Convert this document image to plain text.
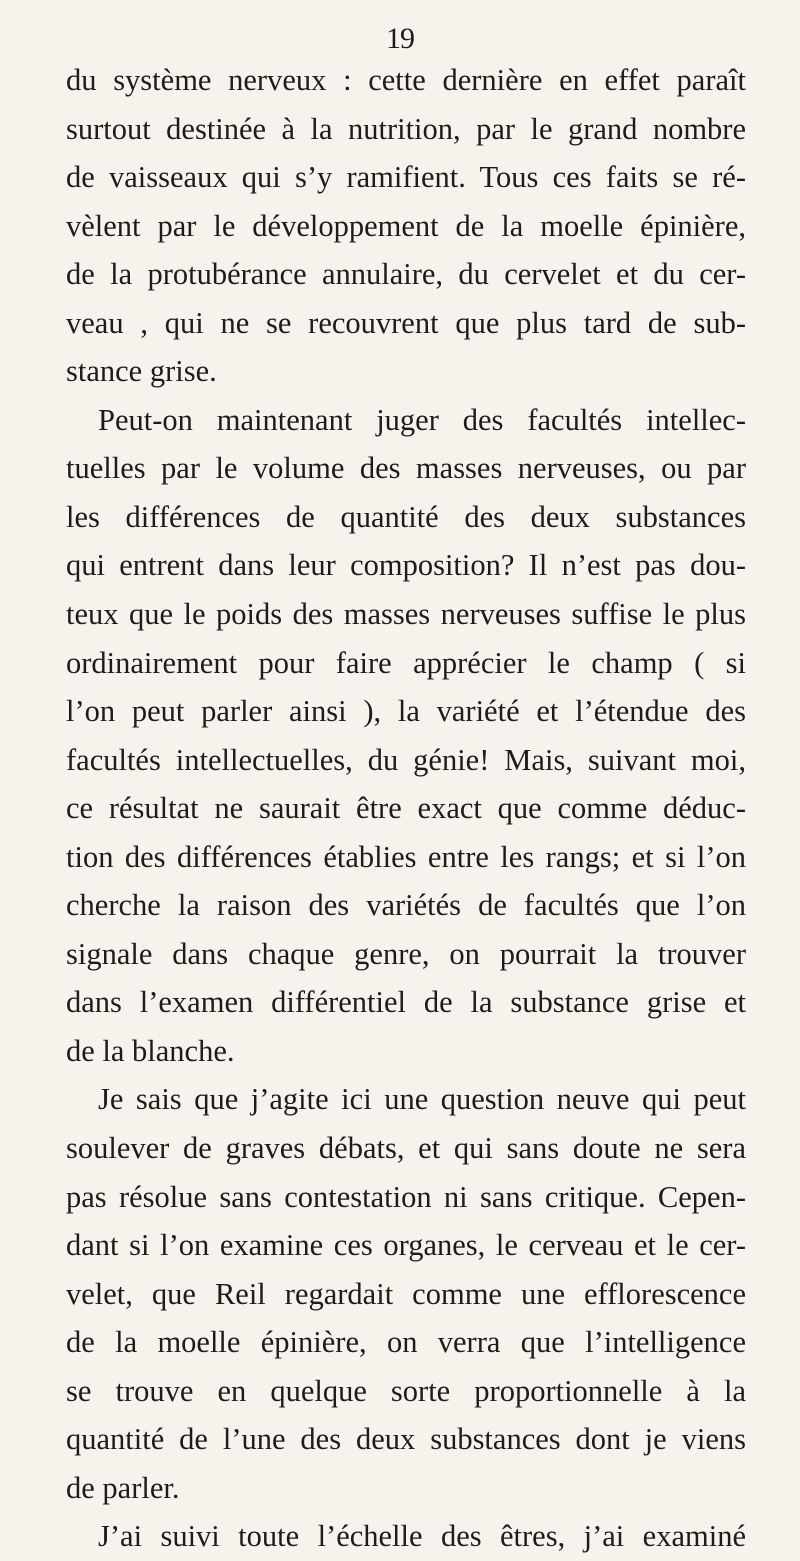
19
du système nerveux : cette dernière en effet paraît
surtout destinée à la nutrition, par le grand nombre
de vaisseaux qui s’y ramifient. Tous ces faits se ré-
vèlent par le développement de la moelle épinière,
de la protubérance annulaire, du cervelet et du cer-
veau , qui ne se recouvrent que plus tard de sub-
stance grise.
Peut-on maintenant juger des facultés intellec-
tuelles par le volume des masses nerveuses, ou par
les différences de quantité des deux substances
qui entrent dans leur composition? Il n’est pas dou-
teux que le poids des masses nerveuses suffise le plus
ordinairement pour faire apprécier le champ ( si
l’on peut parler ainsi ), la variété et l’étendue des
facultés intellectuelles, du génie! Mais, suivant moi,
ce résultat ne saurait être exact que comme déduc-
tion des différences établies entre les rangs; et si l’on
cherche la raison des variétés de facultés que l’on
signale dans chaque genre, on pourrait la trouver
dans l’examen différentiel de la substance grise et
de la blanche.
Je sais que j’agite ici une question neuve qui peut
soulever de graves débats, et qui sans doute ne sera
pas résolue sans contestation ni sans critique. Cepen-
dant si l’on examine ces organes, le cerveau et le cer-
velet, que Reil regardait comme une efflorescence
de la moelle épinière, on verra que l’intelligence
se trouve en quelque sorte proportionnelle à la
quantité de l’une des deux substances dont je viens
de parler.
J’ai suivi toute l’échelle des êtres, j’ai examiné
